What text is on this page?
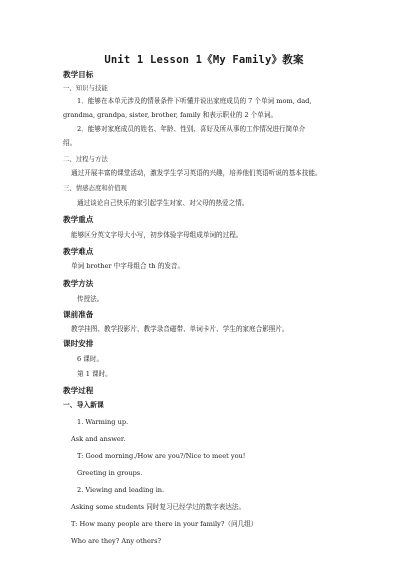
Unit 1 Lesson 1《My Family》教案
教学目标
一、知识与技能
1．能够在本单元涉及的情景条件下听懂并说出家庭成员的 7 个单词 mom, dad,
grandma, grandpa, sister, brother, family 和表示职业的 2 个单词。
2．能够对家庭成员的姓名、年龄、性别、喜好及所从事的工作情况进行简单介
绍。
二、过程与方法
通过开展丰富的课堂活动，激发学生学习英语的兴趣，培养他们英语听说的基本技能。
三、情感态度和价值观
通过谈论自己快乐的家引起学生对家、对父母的热爱之情。
教学重点
能够区分英文字母大小写，初步体验字母组成单词的过程。
教学难点
单词 brother 中字母组合 th 的发音。
教学方法
传授法。
课前准备
教学挂图、教学投影片、教学录音磁带、单词卡片、学生的家庭合影照片。
课时安排
6 课时。
第 1 课时。
教学过程
一、导入新课
1. Warming up.
Ask and answer.
T: Good morning./How are you?/Nice to meet you!
Greeting in groups.
2. Viewing and leading in.
Asking some students 同时复习已经学过的数字表达法。
T: How many people are there in your family?（问几组）
Who are they? Any others?
